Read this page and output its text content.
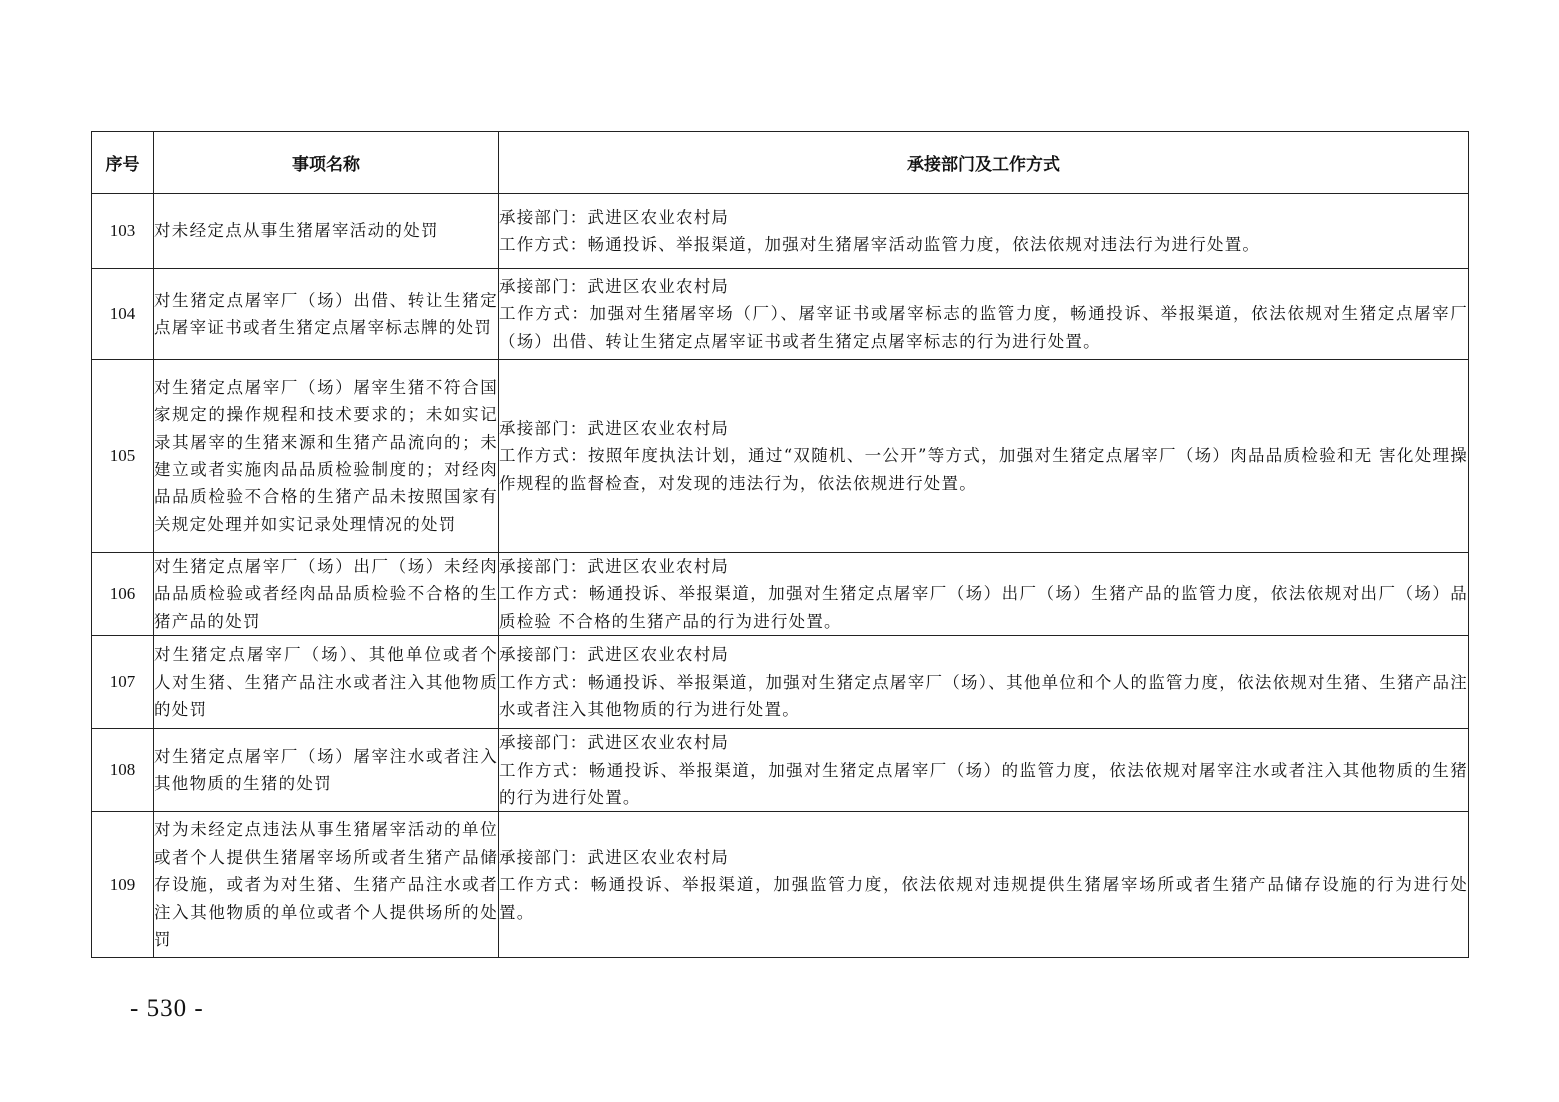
序号	事项名称	承接部门及工作方式
103	对未经定点从事生猪屠宰活动的处罚	承接部门：武进区农业农村局
工作方式：畅通投诉、举报渠道，加强对生猪屠宰活动监管力度，依法依规对违法行为进行处置。

104	对生猪定点屠宰厂（场）出借、转让生猪定点屠宰证书或者生猪定点屠宰标志牌的处罚	承接部门：武进区农业农村局
工作方式：加强对生猪屠宰场（厂）、屠宰证书或屠宰标志的监管力度，畅通投诉、举报渠道，依法依规对生猪定点屠宰厂（场）出借、转让生猪定点屠宰证书或者生猪定点屠宰标志的行为进行处置。

105	对生猪定点屠宰厂（场）屠宰生猪不符合国家规定的操作规程和技术要求的；未如实记录其屠宰的生猪来源和生猪产品流向的；未建立或者实施肉品品质检验制度的；对经肉品品质检验不合格的生猪产品未按照国家有关规定处理并如实记录处理情况的处罚	承接部门：武进区农业农村局
工作方式：按照年度执法计划，通过“双随机、一公开”等方式，加强对生猪定点屠宰厂（场）肉品品质检验和无 害化处理操作规程的监督检查，对发现的违法行为，依法依规进行处置。

106	对生猪定点屠宰厂（场）出厂（场）未经肉品品质检验或者经肉品品质检验不合格的生猪产品的处罚	承接部门：武进区农业农村局
工作方式：畅通投诉、举报渠道，加强对生猪定点屠宰厂（场）出厂（场）生猪产品的监管力度，依法依规对出厂（场）品质检验 不合格的生猪产品的行为进行处置。

107	对生猪定点屠宰厂（场）、其他单位或者个人对生猪、生猪产品注水或者注入其他物质的处罚	承接部门：武进区农业农村局
工作方式：畅通投诉、举报渠道，加强对生猪定点屠宰厂（场）、其他单位和个人的监管力度，依法依规对生猪、生猪产品注水或者注入其他物质的行为进行处置。

108	对生猪定点屠宰厂（场）屠宰注水或者注入其他物质的生猪的处罚	承接部门：武进区农业农村局
工作方式：畅通投诉、举报渠道，加强对生猪定点屠宰厂（场）的监管力度，依法依规对屠宰注水或者注入其他物质的生猪的行为进行处置。

109	对为未经定点违法从事生猪屠宰活动的单位或者个人提供生猪屠宰场所或者生猪产品储存设施，或者为对生猪、生猪产品注水或者注入其他物质的单位或者个人提供场所的处罚	承接部门：武进区农业农村局
工作方式：畅通投诉、举报渠道，加强监管力度，依法依规对违规提供生猪屠宰场所或者生猪产品储存设施的行为进行处置。
- 530 -
